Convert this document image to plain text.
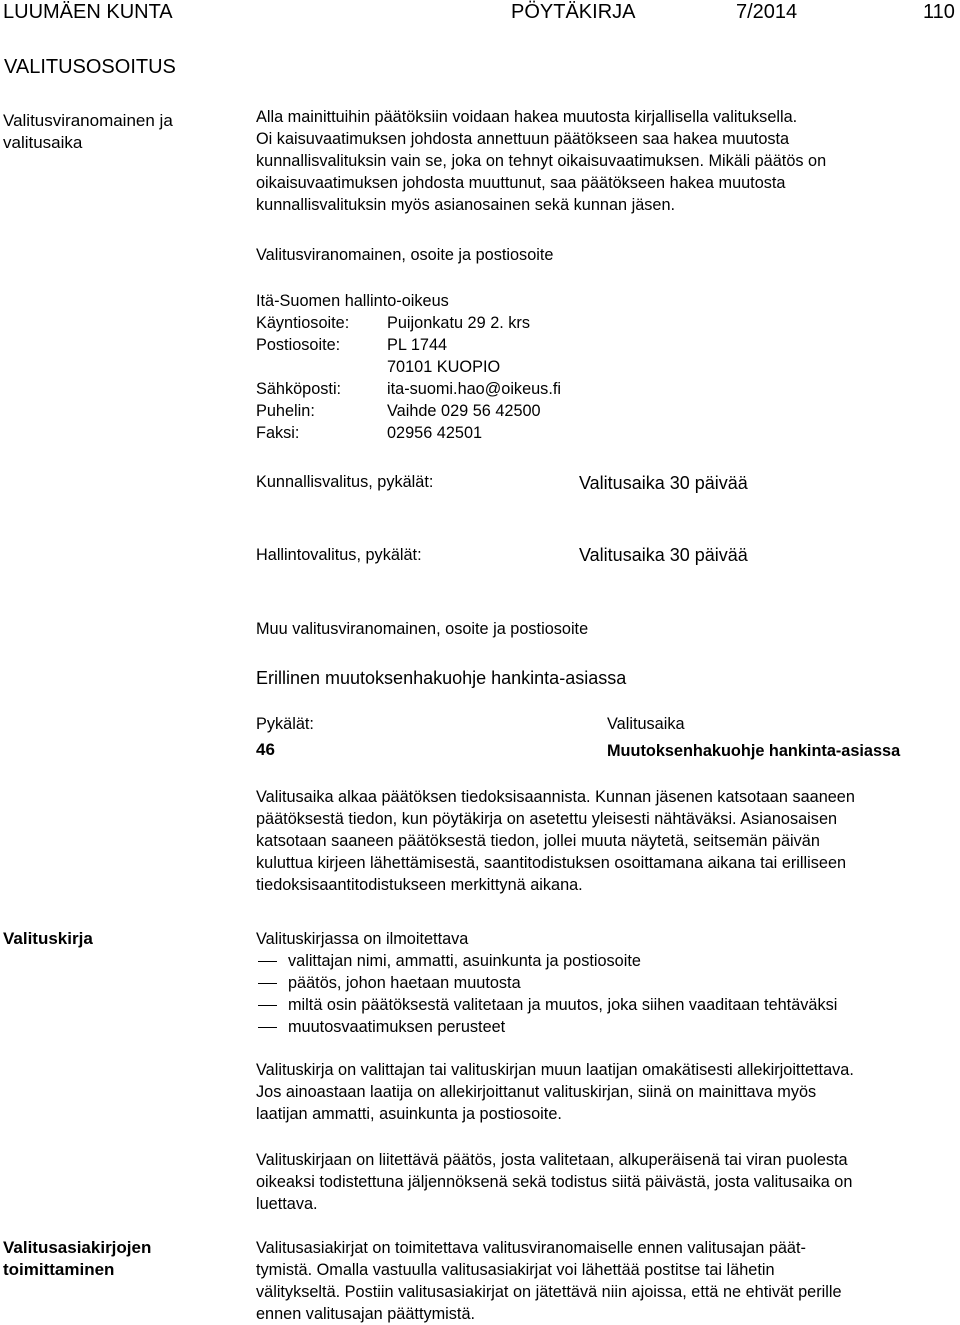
LUUMÄEN KUNTA	PÖYTÄKIRJA	7/2014	110
VALITUSOSOITUS
Valitusviranomainen ja
valitusaika
Alla mainittuihin päätöksiin voidaan hakea muutosta kirjallisella valituksella.
Oi kaisuvaatimuksen johdosta annettuun päätökseen saa hakea muutosta
kunnallisvalituksin vain se, joka on tehnyt oikaisuvaatimuksen. Mikäli päätös on
oikaisuvaatimuksen johdosta muuttunut, saa päätökseen hakea muutosta
kunnallisvalituksin myös asianosainen sekä kunnan jäsen.
Valitusviranomainen, osoite ja postiosoite
Itä-Suomen hallinto-oikeus
Käyntiosoite: Puijonkatu 29 2. krs
Postiosoite:	PL 1744
70101 KUOPIO
Sähköposti:	ita-suomi.hao@oikeus.fi
Puhelin:	Vaihde 029 56 42500
Faksi:	02956 42501
Kunnallisvalitus, pykälät:	Valitusaika 30 päivää
Hallintovalitus, pykälät:	Valitusaika 30 päivää
Muu valitusviranomainen, osoite ja postiosoite
Erillinen muutoksenhakuohje hankinta-asiassa
Pykälät:	Valitusaika
46	Muutoksenhakuohje hankinta-asiassa
Valitusaika alkaa päätöksen tiedoksisaannista. Kunnan jäsenen katsotaan saaneen
päätöksestä tiedon, kun pöytäkirja on asetettu yleisesti nähtäväksi. Asianosaisen
katsotaan saaneen päätöksestä tiedon, jollei muuta näytetä, seitsemän päivän
kuluttua kirjeen lähettämisestä, saantitodistuksen osoittamana aikana tai erilliseen
tiedoksisaantitodistukseen merkittynä aikana.
Valituskirja	Valituskirjassa on ilmoitettava
valittajan nimi, ammatti, asuinkunta ja postiosoite
päätös, johon haetaan muutosta
miltä osin päätöksestä valitetaan ja muutos, joka siihen vaaditaan tehtäväksi
muutosvaatimuksen perusteet
Valituskirja on valittajan tai valituskirjan muun laatijan omakätisesti allekirjoittettava.
Jos ainoastaan laatija on allekirjoittanut valituskirjan, siinä on mainittava myös
laatijan ammatti, asuinkunta ja postiosoite.
Valituskirjaan on liitettävä päätös, josta valitetaan, alkuperäisenä tai viran puolesta
oikeaksi todistettuna jäljennöksenä sekä todistus siitä päivästä, josta valitusaika on
luettava.
Valitusasiakirjojen
toimittaminen
Valitusasiakirjat on toimitettava valitusviranomaiselle ennen valitusajan päät-
tymistä. Omalla vastuulla valitusasiakirjat voi lähettää postitse tai lähetin
välitykseltä. Postiin valitusasiakirjat on jätettävä niin ajoissa, että ne ehtivät perille
ennen valitusajan päättymistä.
